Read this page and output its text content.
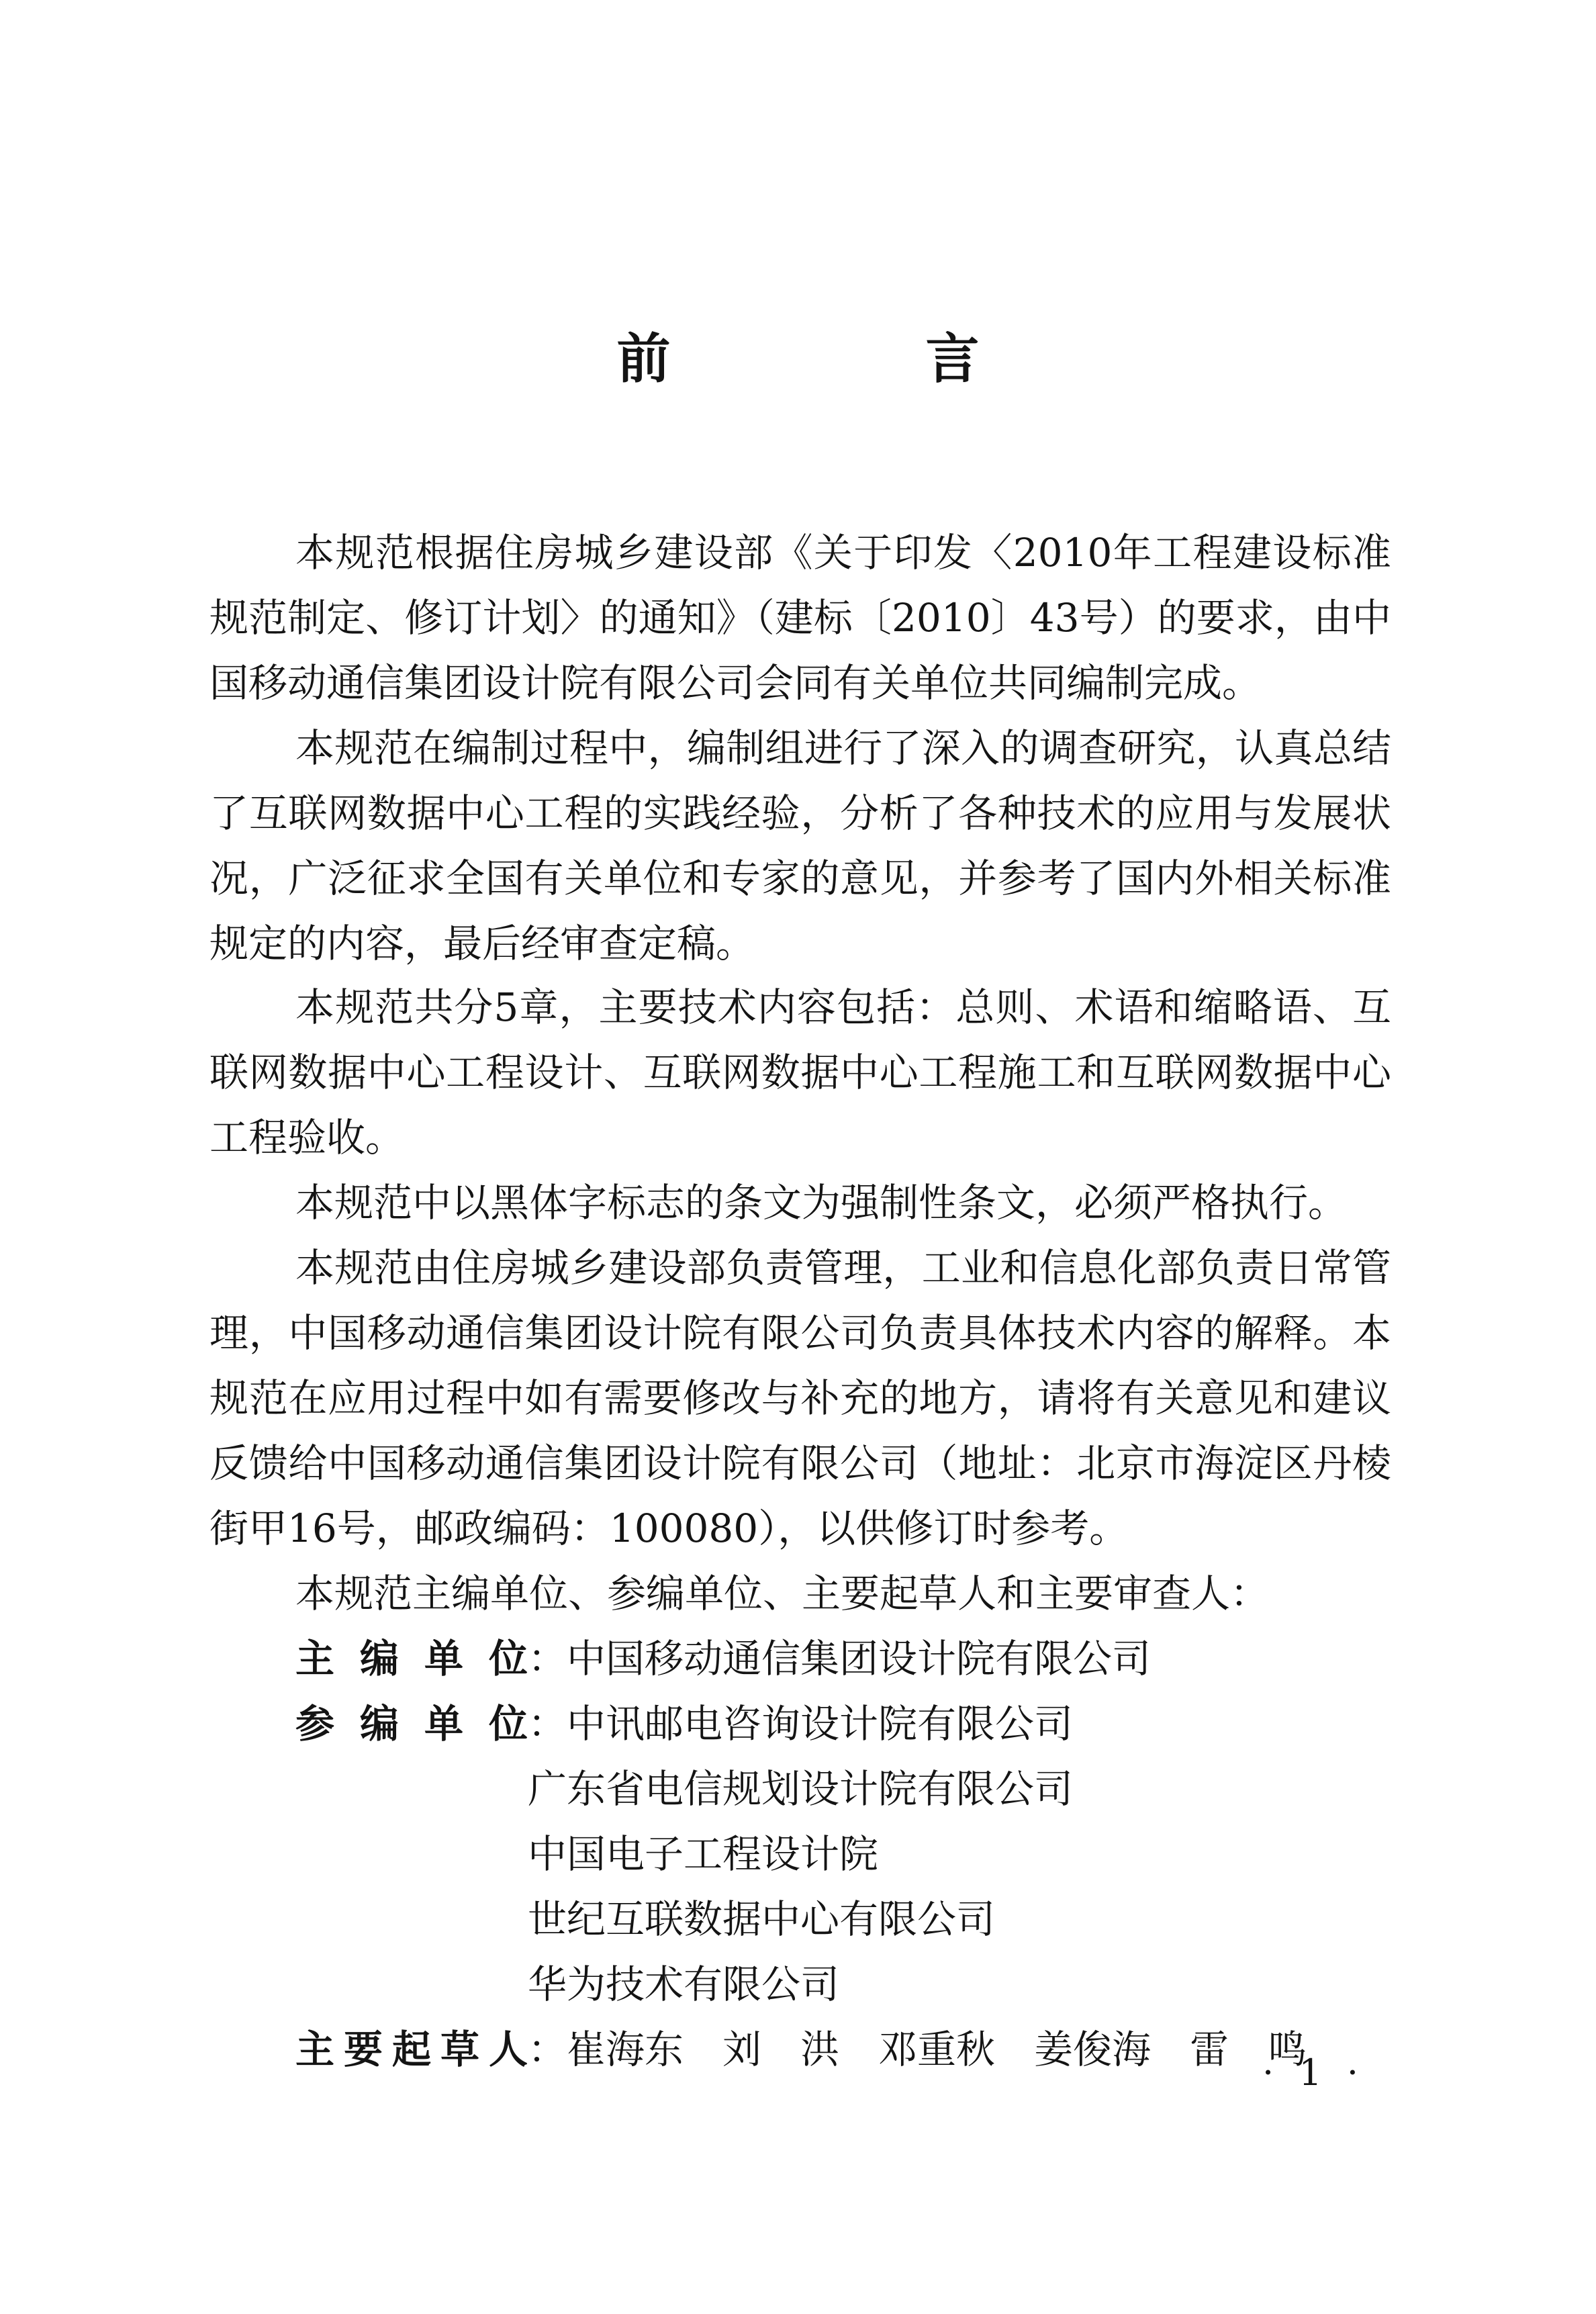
前　言

本规范根据住房城乡建设部《关于印发〈2010年工程建设标准规范制定、修订计划〉的通知》（建标〔2010〕43号）的要求，由中国移动通信集团设计院有限公司会同有关单位共同编制完成。

本规范在编制过程中，编制组进行了深入的调查研究，认真总结了互联网数据中心工程的实践经验，分析了各种技术的应用与发展状况，广泛征求全国有关单位和专家的意见，并参考了国内外相关标准规定的内容，最后经审查定稿。

本规范共分5章，主要技术内容包括：总则、术语和缩略语、互联网数据中心工程设计、互联网数据中心工程施工和互联网数据中心工程验收。

本规范中以黑体字标志的条文为强制性条文，必须严格执行。

本规范由住房城乡建设部负责管理，工业和信息化部负责日常管理，中国移动通信集团设计院有限公司负责具体技术内容的解释。本规范在应用过程中如有需要修改与补充的地方，请将有关意见和建议反馈给中国移动通信集团设计院有限公司（地址：北京市海淀区丹棱街甲16号，邮政编码：100080），以供修订时参考。

本规范主编单位、参编单位、主要起草人和主要审查人：

主编单位：中国移动通信集团设计院有限公司
参编单位：中讯邮电咨询设计院有限公司
广东省电信规划设计院有限公司
中国电子工程设计院
世纪互联数据中心有限公司
华为技术有限公司
主要起草人：崔海东 刘　洪 邓重秋 姜俊海 雷　鸣
· 1 ·
